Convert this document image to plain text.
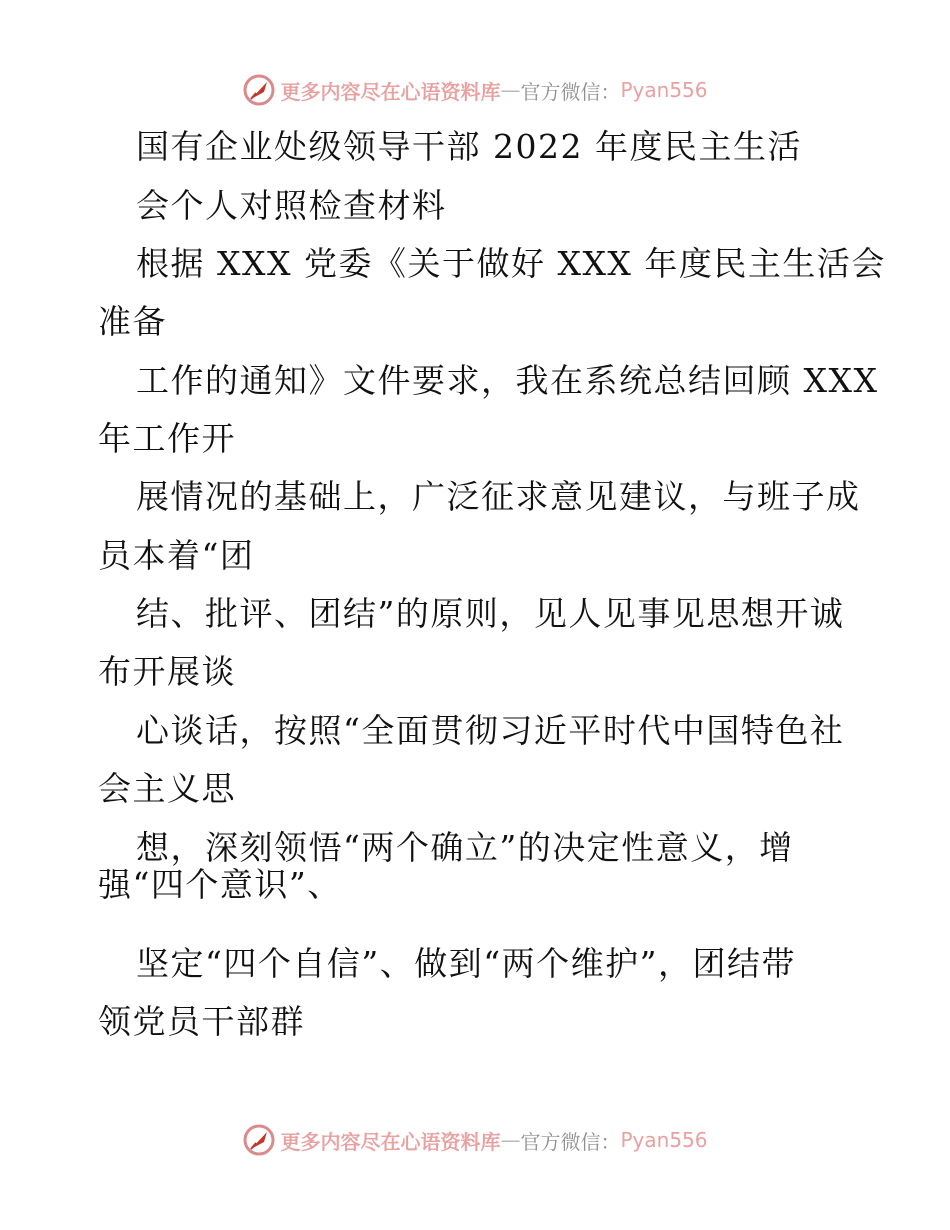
更多内容尽在心语资料库 — 官方微信： Pyan556
国有企业处级领导干部 2022 年度民主生活
会个人对照检查材料
根据 XXX 党委《关于做好 XXX 年度民主生活会
准备
工作的通知》文件要求，我在系统总结回顾 XXX
年工作开
展情况的基础上，广泛征求意见建议，与班子成
员本着“团
结、批评、团结”的原则，见人见事见思想开诚
布开展谈
心谈话，按照“全面贯彻习近平时代中国特色社
会主义思
想，深刻领悟“两个确立”的决定性意义，增
强“四个意识”、
坚定“四个自信”、做到“两个维护”，团结带
领党员干部群
更多内容尽在心语资料库 — 官方微信： Pyan556
